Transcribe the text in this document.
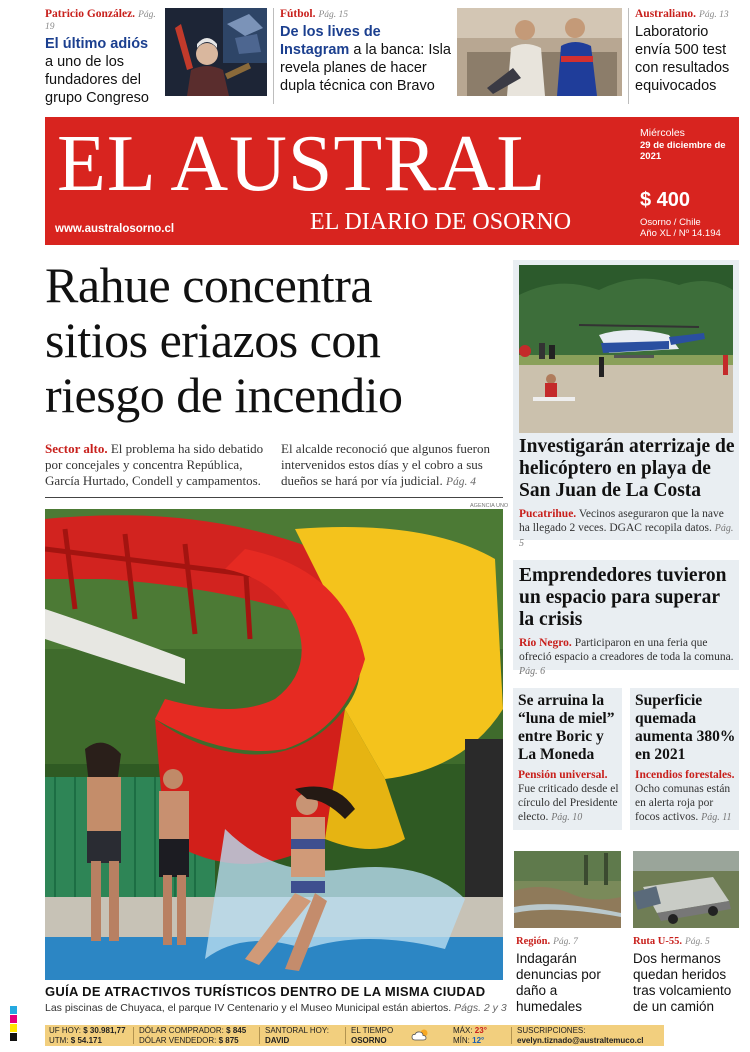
Patricio González. Pág. 19
El último adiós a uno de los fundadores del grupo Congreso
Fútbol. Pág. 15
De los lives de Instagram a la banca: Isla revela planes de hacer dupla técnica con Bravo
Australiano. Pág. 13
Laboratorio envía 500 test con resultados equivocados
EL AUSTRAL
EL DIARIO DE OSORNO
www.australosorno.cl
Miércoles
29 de diciembre de 2021
$ 400
Osorno / Chile
Año XL / Nº 14.194
Rahue concentra
sitios eriazos con
riesgo de incendio
Sector alto. El problema ha sido debatido por concejales y concentra República, García Hurtado, Condell y campamentos.
El alcalde reconoció que algunos fueron intervenidos estos días y el cobro a sus dueños se hará por vía judicial. Pág. 4
AGENCIA UNO
GUÍA DE ATRACTIVOS TURÍSTICOS DENTRO DE LA MISMA CIUDAD
Las piscinas de Chuyaca, el parque IV Centenario y el Museo Municipal están abiertos. Págs. 2 y 3
Investigarán aterrizaje de helicóptero en playa de San Juan de La Costa
Pucatrihue. Vecinos aseguraron que la nave ha llegado 2 veces. DGAC recopila datos. Pág. 5
Emprendedores tuvieron un espacio para superar la crisis
Río Negro. Participaron en una feria que ofreció espacio a creadores de toda la comuna. Pág. 6
Se arruina la “luna de miel” entre Boric y La Moneda
Pensión universal.
Fue criticado desde el círculo del Presidente electo. Pág. 10
Superficie quemada aumenta 380% en 2021
Incendios forestales.
Ocho comunas están en alerta roja por focos activos. Pág. 11
Región. Pág. 7
Indagarán denuncias por daño a humedales
Ruta U-55. Pág. 5
Dos hermanos quedan heridos tras volcamiento de un camión
UF HOY: $ 30.981,77
UTM: $ 54.171
DÓLAR COMPRADOR: $ 845
DÓLAR VENDEDOR: $ 875
SANTORAL HOY:
DAVID
EL TIEMPO
OSORNO
MÁX: 23°
MÍN: 12°
SUSCRIPCIONES:
evelyn.tiznado@australtemuco.cl
